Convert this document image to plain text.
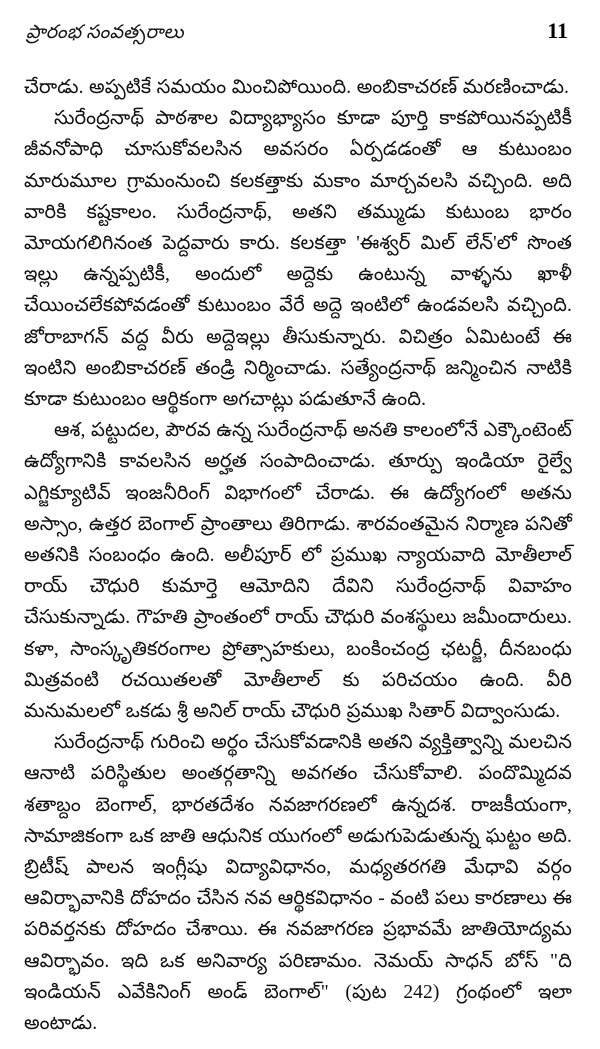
ప్రారంభ సంవత్సరాలు	11

చేరాడు. అప్పటికే సమయం మించిపోయింది. అంబికాచరణ్ మరణించాడు.

సురేంద్రనాథ్ పాఠశాల విద్యాభ్యాసం కూడా పూర్తి కాకపోయినప్పటికీ జీవనోపాధి చూసుకోవలసిన అవసరం ఏర్పడడంతో ఆ కుటుంబం మారుమూల గ్రామంనుంచి కలకత్తాకు మకాం మార్చవలసి వచ్చింది. అది వారికి కష్టకాలం. సురేంద్రనాథ్, అతని తమ్ముడు కుటుంబ భారం మోయగలిగినంత పెద్దవారు కారు. కలకత్తా 'ఈశ్వర్ మిల్ లేన్'లో సొంత ఇల్లు ఉన్నప్పటికీ, అందులో అద్దెకు ఉంటున్న వాళ్ళను ఖాళీ చేయించలేకపోవడంతో కుటుంబం వేరే అద్దె ఇంటిలో ఉండవలసి వచ్చింది. జోరాబాగన్ వద్ద వీరు అద్దెఇల్లు తీసుకున్నారు. విచిత్రం ఏమిటంటే ఈ ఇంటిని అంబికాచరణ్ తండ్రి నిర్మించాడు. సత్యేంద్రనాథ్ జన్మించిన నాటికి కూడా కుటుంబం ఆర్థికంగా అగచాట్లు పడుతూనే ఉంది.

ఆశ, పట్టుదల, పౌరవ ఉన్న సురేంద్రనాథ్ అనతి కాలంలోనే ఎక్కౌంటెంట్ ఉద్యోగానికి కావలసిన అర్హత సంపాదించాడు. తూర్పు ఇండియా రైల్వే ఎగ్జిక్యూటివ్ ఇంజనీరింగ్ విభాగంలో చేరాడు. ఈ ఉద్యోగంలో అతను అస్సాం, ఉత్తర బెంగాల్ ప్రాంతాలు తిరిగాడు. శారవంతమైన నిర్మాణ పనితో అతనికి సంబంధం ఉంది. అలీపూర్ లో ప్రముఖ న్యాయవాది మోతీలాల్ రాయ్ చౌధురి కుమార్తె ఆమోదిని దేవిని సురేంద్రనాథ్ వివాహం చేసుకున్నాడు. గౌహతి ప్రాంతంలో రాయ్ చౌధురి వంశస్థులు జమీందారులు. కళా, సాంస్కృతికరంగాల ప్రోత్సాహకులు, బంకించంద్ర ఛటర్జీ, దీనబంధు మిత్రవంటి రచయితలతో మోతీలాల్ కు పరిచయం ఉంది. వీరి మనుమలలో ఒకడు శ్రీ అనిల్ రాయ్ చౌధురి ప్రముఖ సితార్ విద్వాంసుడు.

సురేంద్రనాథ్ గురించి అర్థం చేసుకోవడానికి అతని వ్యక్తిత్వాన్ని మలచిన ఆనాటి పరిస్థితుల అంతర్గతాన్ని అవగతం చేసుకోవాలి. పందొమ్మిదవ శతాబ్దం బెంగాల్, భారతదేశం నవజాగరణలో ఉన్నదశ. రాజకీయంగా, సామాజికంగా ఒక జాతి ఆధునిక యుగంలో అడుగుపెడుతున్న ఘట్టం అది. బ్రిటీష్ పాలన ఇంగ్లీషు విద్యావిధానం, మధ్యతరగతి మేధావి వర్గం ఆవిర్భావానికి దోహదం చేసిన నవ ఆర్థికవిధానం - వంటి పలు కారణాలు ఈ పరివర్తనకు దోహదం చేశాయి. ఈ నవజాగరణ ప్రభావమే జాతియోద్యమ ఆవిర్భావం. ఇది ఒక అనివార్య పరిణామం. నెమయ్ సాధన్ బోస్ "ది ఇండియన్ ఎవేకినింగ్ అండ్ బెంగాల్" (పుట 242) గ్రంథంలో ఇలా అంటాడు.
